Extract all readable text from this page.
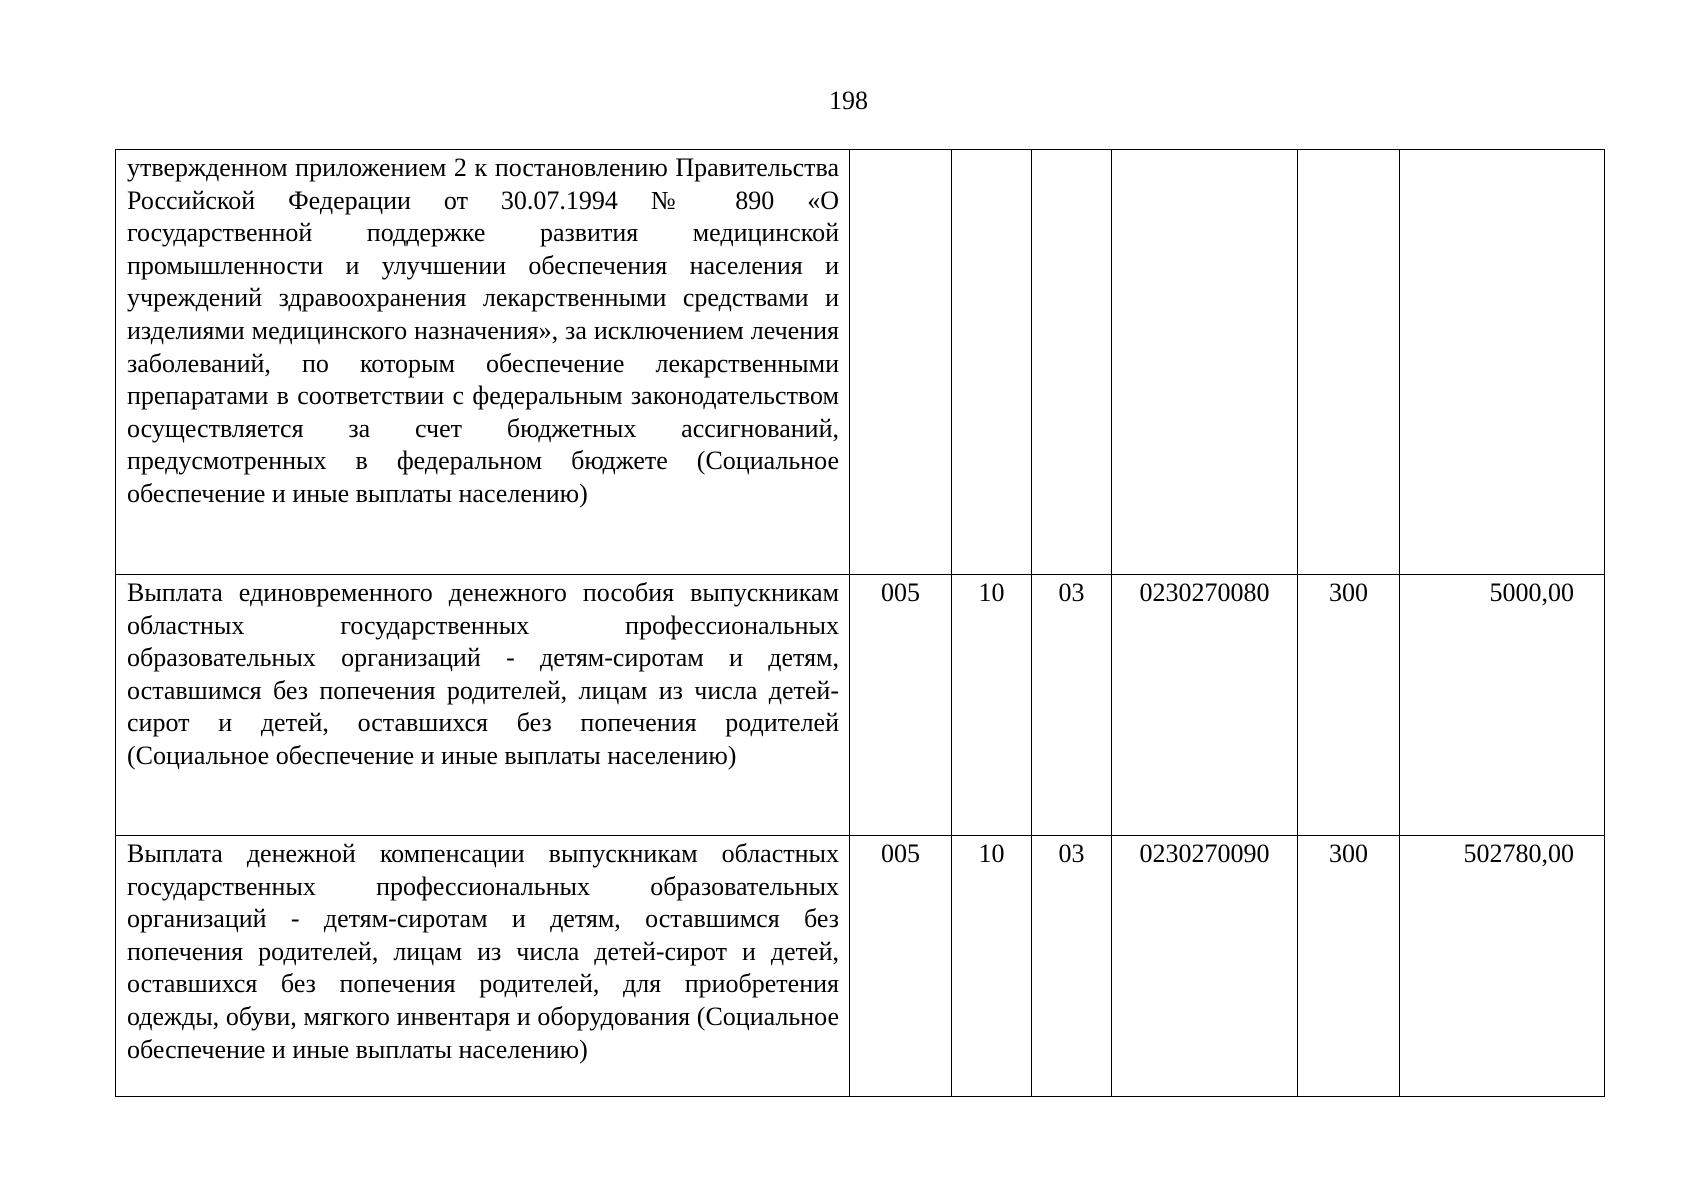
198
утвержденном приложением 2 к постановлению Правительства Российской Федерации от 30.07.1994 № 890 «О государственной поддержке развития медицинской промышленности и улучшении обеспечения населения и учреждений здравоохранения лекарственными средствами и изделиями медицинского назначения», за исключением лечения заболеваний, по которым обеспечение лекарственными препаратами в соответствии с федеральным законодательством осуществляется за счет бюджетных ассигнований, предусмотренных в федеральном бюджете (Социальное обеспечение и иные выплаты населению)						
Выплата единовременного денежного пособия выпускникам областных государственных профессиональных образовательных организаций - детям-сиротам и детям, оставшимся без попечения родителей, лицам из числа детей-сирот и детей, оставшихся без попечения родителей (Социальное обеспечение и иные выплаты населению)	005	10	03	0230270080	300	5000,00
Выплата денежной компенсации выпускникам областных государственных профессиональных образовательных организаций - детям-сиротам и детям, оставшимся без попечения родителей, лицам из числа детей-сирот и детей, оставшихся без попечения родителей, для приобретения одежды, обуви, мягкого инвентаря и оборудования (Социальное обеспечение и иные выплаты населению)	005	10	03	0230270090	300	502780,00
